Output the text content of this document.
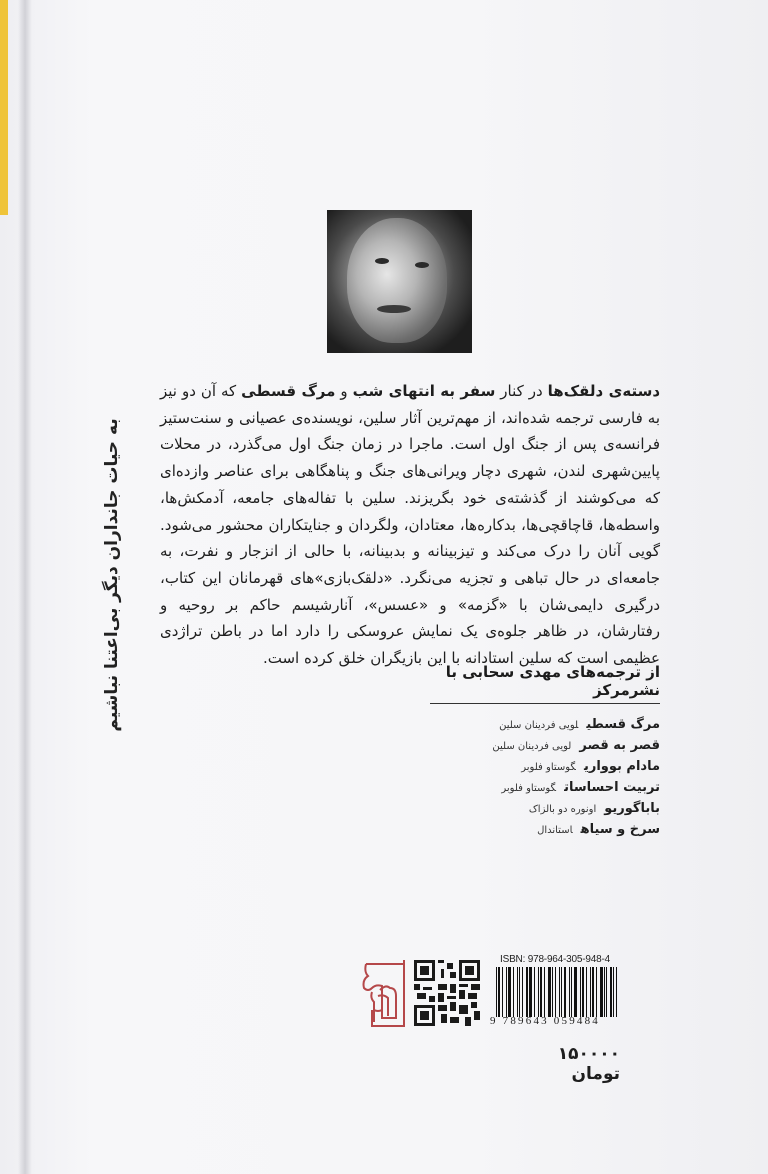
به حیات جانداران دیگر بی‌اعتنا نباشیم
دسته‌ی دلقک‌ها در کنار سفر به انتهای شب و مرگ قسطی که آن دو نیز به فارسی ترجمه شده‌اند، از مهم‌ترین آثار سلین، نویسنده‌ی عصیانی و سنت‌ستیز فرانسه‌ی پس از جنگ اول است. ماجرا در زمان جنگ اول می‌گذرد، در محلات پایین‌شهری لندن، شهری دچار ویرانی‌های جنگ و پناهگاهی برای عناصر وازده‌ای که می‌کوشند از گذشته‌ی خود بگریزند. سلین با تفاله‌های جامعه، آدمکش‌ها، واسطه‌ها، قاچاقچی‌ها، بدکاره‌ها، معتادان، ولگردان و جنایتکاران محشور می‌شود. گویی آنان را درک می‌کند و تیزبینانه و بدبینانه، با حالی از انزجار و نفرت، به جامعه‌ای در حال تباهی و تجزیه می‌نگرد. «دلقک‌بازی»های قهرمانان این کتاب، درگیری دایمی‌شان با «گزمه» و «عسس»، آنارشیسم حاکم بر روحیه و رفتارشان، در ظاهر جلوه‌ی یک نمایش عروسکی را دارد اما در باطن تراژدی عظیمی است که سلین استادانه با این بازیگران خلق کرده است.
از ترجمه‌های مهدی سحابی با نشرمرکز
مرگ قسطیلویی فردینان سلین
قصر به قصرلویی فردینان سلین
مادام بوواریگوستاو فلوبر
تربیت احساساتگوستاو فلوبر
باباگوریواونوره دو بالزاک
سرخ و سیاهاستاندال
ISBN: 978-964-305-948-4
9 789643 059484
۱۵۰۰۰۰ تومان
